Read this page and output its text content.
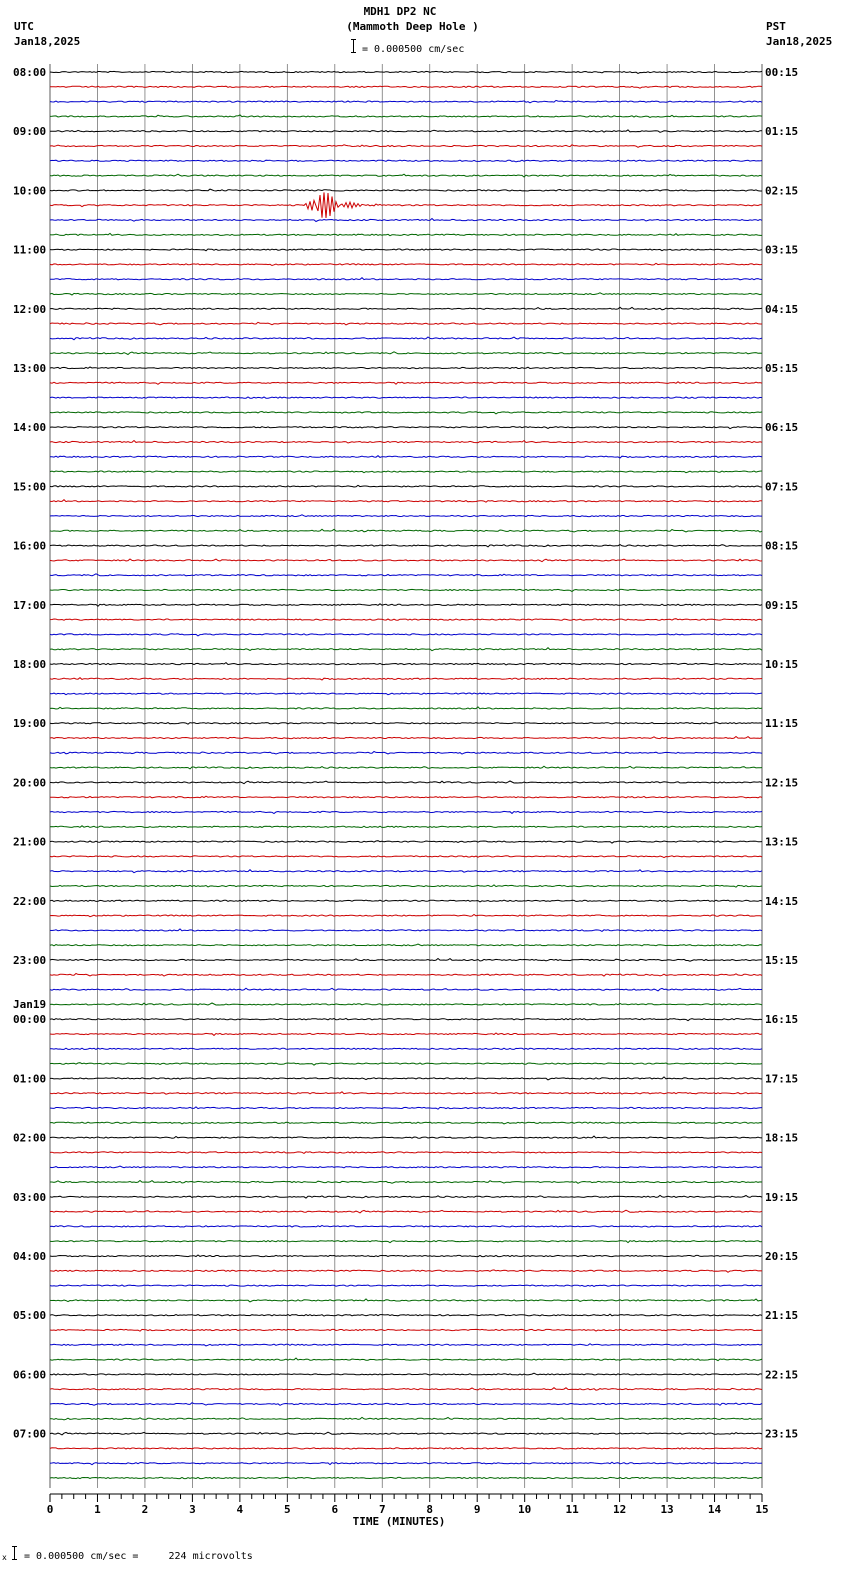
08:00
09:00
10:00
11:00
12:00
13:00
14:00
15:00
16:00
17:00
18:00
19:00
20:00
21:00
22:00
23:00
00:00
01:00
02:00
03:00
04:00
05:00
06:00
07:00
00:15
01:15
02:15
03:15
04:15
05:15
06:15
07:15
08:15
09:15
10:15
11:15
12:15
13:15
14:15
15:15
16:15
17:15
18:15
19:15
20:15
21:15
22:15
23:15
Jan19
0	1	2	3	4	5	6	7	8	9	10	11	12	13	14	15
TIME (MINUTES)
MDH1 DP2 NC
(Mammoth Deep Hole )
= 0.000500 cm/sec
UTC
Jan18,2025
PST
Jan18,2025
x = 0.000500 cm/sec =     224 microvolts
